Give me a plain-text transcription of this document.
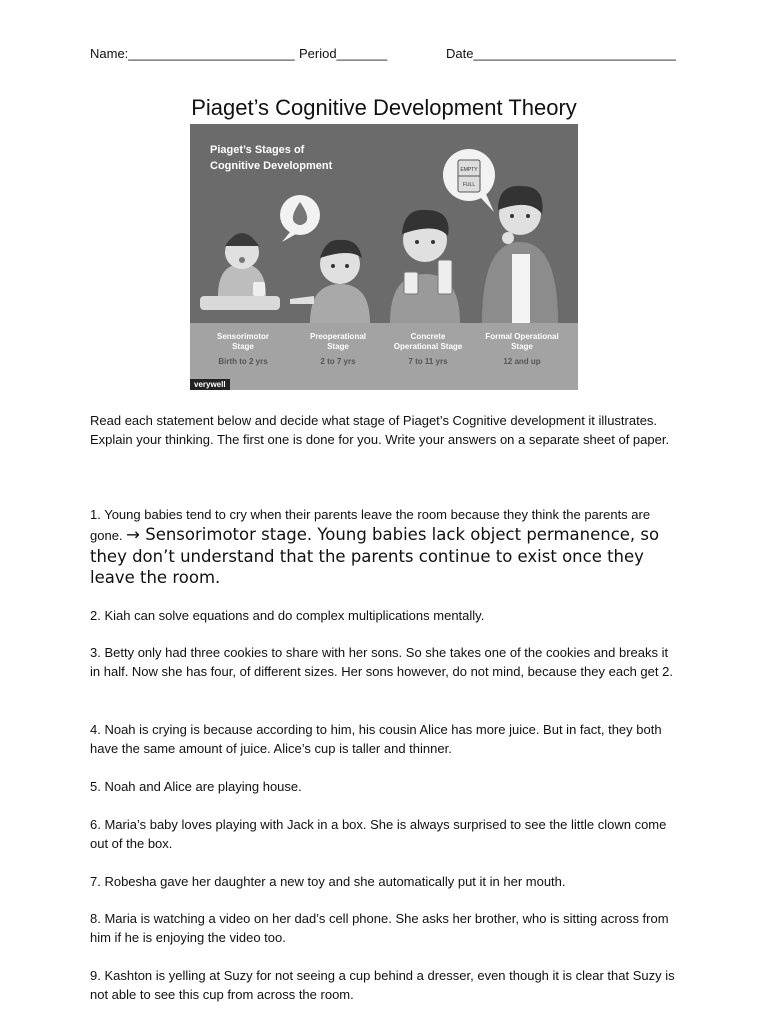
Name:_______________________ Period_______	Date____________________________
Piaget’s Cognitive Development Theory
Piaget’s Stages of
Cognitive Development	EMPTY
FULL
Sensorimotor Stage
Birth to 2 yrs
Preoperational Stage
2 to 7 yrs
Concrete Operational Stage
7 to 11 yrs
Formal Operational Stage
12 and up
verywell
Read each statement below and decide what stage of Piaget’s Cognitive development it illustrates. Explain your thinking. The first one is done for you. Write your answers on a separate sheet of paper.
1. Young babies tend to cry when their parents leave the room because they think the parents are gone. → Sensorimotor stage. Young babies lack object permanence, so they don’t understand that the parents continue to exist once they leave the room.
2. Kiah can solve equations and do complex multiplications mentally.
3. Betty only had three cookies to share with her sons. So she takes one of the cookies and breaks it in half. Now she has four, of different sizes. Her sons however, do not mind, because they each get 2.
4. Noah is crying is because according to him, his cousin Alice has more juice. But in fact, they both have the same amount of juice. Alice’s cup is taller and thinner.
5. Noah and Alice are playing house.
6. Maria’s baby loves playing with Jack in a box. She is always surprised to see the little clown come out of the box.
7. Robesha gave her daughter a new toy and she automatically put it in her mouth.
8. Maria is watching a video on her dad’s cell phone. She asks her brother, who is sitting across from him if he is enjoying the video too.
9. Kashton is yelling at Suzy for not seeing a cup behind a dresser, even though it is clear that Suzy is not able to see this cup from across the room.
